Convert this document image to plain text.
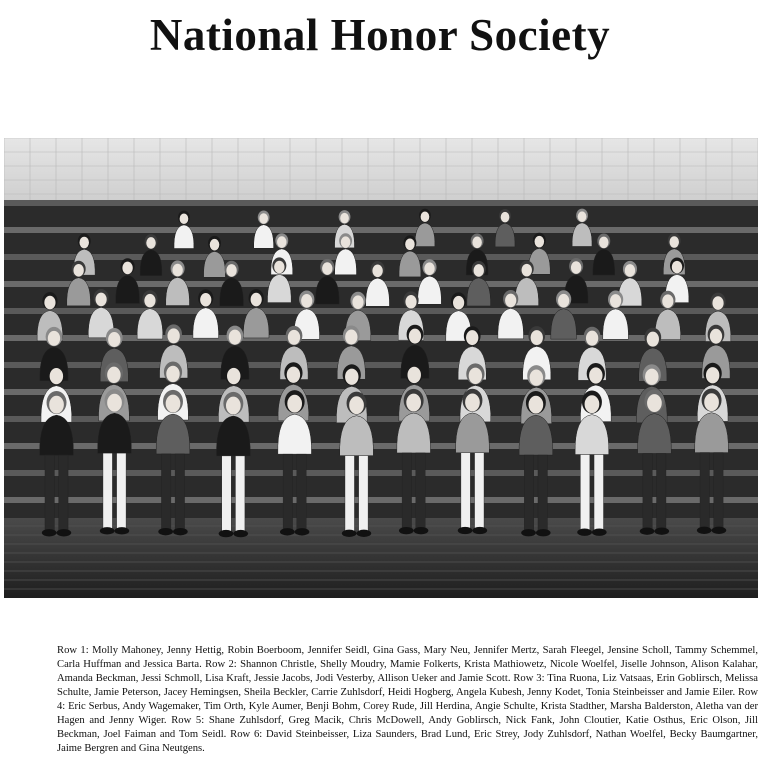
National Honor Society
Row 1: Molly Mahoney, Jenny Hettig, Robin Boerboom, Jennifer Seidl, Gina Gass, Mary Neu, Jennifer Mertz, Sarah Fleegel, Jensine Scholl, Tammy Schemmel, Carla Huffman and Jessica Barta. Row 2: Shannon Christle, Shelly Moudry, Mamie Folkerts, Krista Mathiowetz, Nicole Woelfel, Jiselle Johnson, Alison Kalahar, Amanda Beckman, Jessi Schmoll, Lisa Kraft, Jessie Jacobs, Jodi Vesterby, Allison Ueker and Jamie Scott. Row 3: Tina Ruona, Liz Vatsaas, Erin Goblirsch, Melissa Schulte, Jamie Peterson, Jacey Hemingsen, Sheila Beckler, Carrie Zuhlsdorf, Heidi Hogberg, Angela Kubesh, Jenny Kodet, Tonia Steinbeisser and Jamie Eiler. Row 4: Eric Serbus, Andy Wagemaker, Tim Orth, Kyle Aumer, Benji Bohm, Corey Rude, Jill Herdina, Angie Schulte, Krista Stadther, Marsha Balderston, Aletha van der Hagen and Jenny Wiger. Row 5: Shane Zuhlsdorf, Greg Macik, Chris McDowell, Andy Goblirsch, Nick Fank, John Cloutier, Katie Osthus, Eric Olson, Jill Beckman, Joel Faiman and Tom Seidl. Row 6: David Steinbeisser, Liza Saunders, Brad Lund, Eric Strey, Jody Zuhlsdorf, Nathan Woelfel, Becky Baumgartner, Jaime Bergren and Gina Neutgens.
